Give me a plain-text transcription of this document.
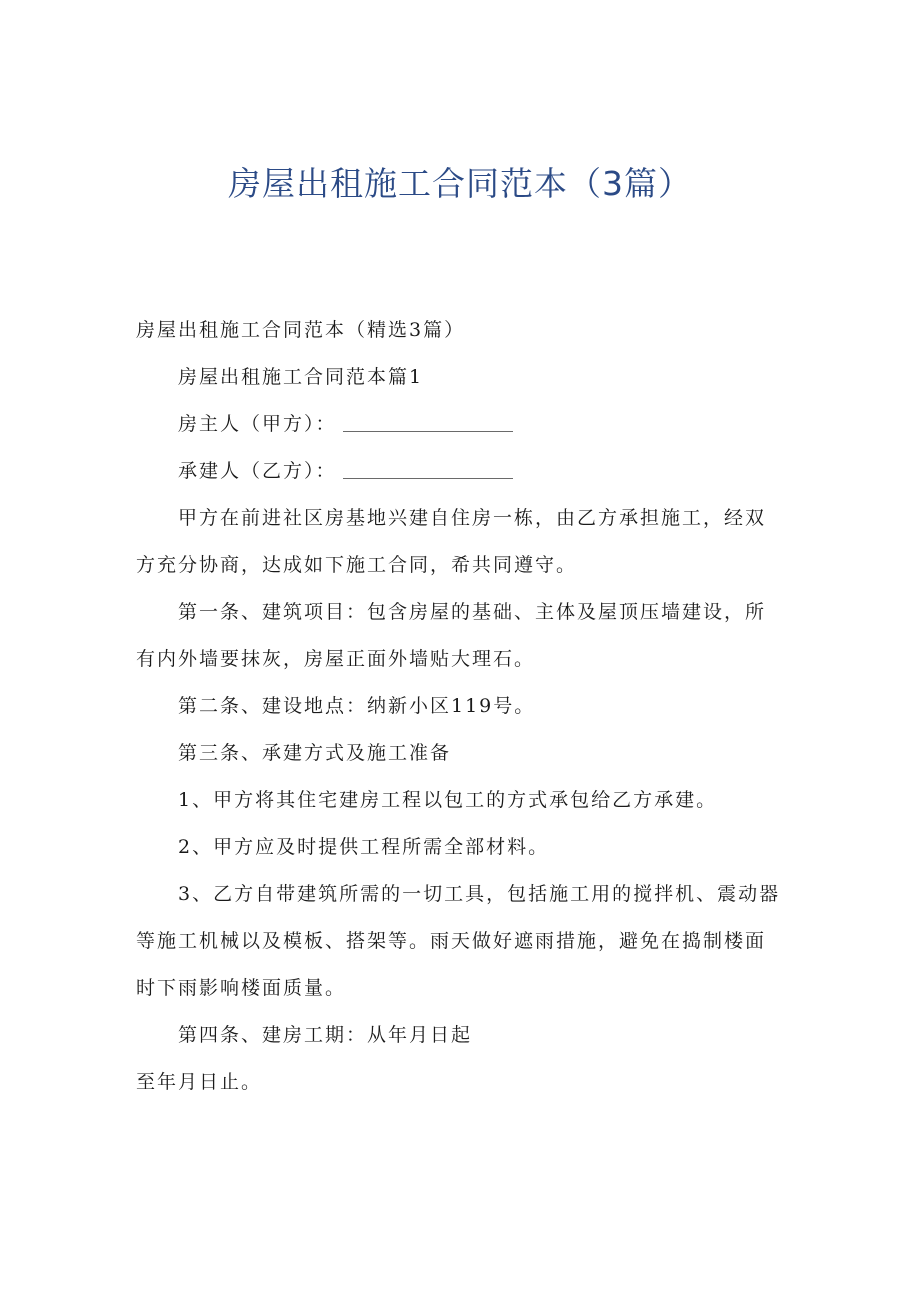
房屋出租施工合同范本（3篇）

房屋出租施工合同范本（精选3篇）

房屋出租施工合同范本篇1

房主人（甲方）：

承建人（乙方）：

甲方在前进社区房基地兴建自住房一栋，由乙方承担施工，经双方充分协商，达成如下施工合同，希共同遵守。

第一条、建筑项目：包含房屋的基础、主体及屋顶压墙建设，所有内外墙要抹灰，房屋正面外墙贴大理石。

第二条、建设地点：纳新小区119号。

第三条、承建方式及施工准备

1、甲方将其住宅建房工程以包工的方式承包给乙方承建。

2、甲方应及时提供工程所需全部材料。

3、乙方自带建筑所需的一切工具，包括施工用的搅拌机、震动器等施工机械以及模板、搭架等。雨天做好遮雨措施，避免在捣制楼面时下雨影响楼面质量。

第四条、建房工期：从年月日起

至年月日止。
